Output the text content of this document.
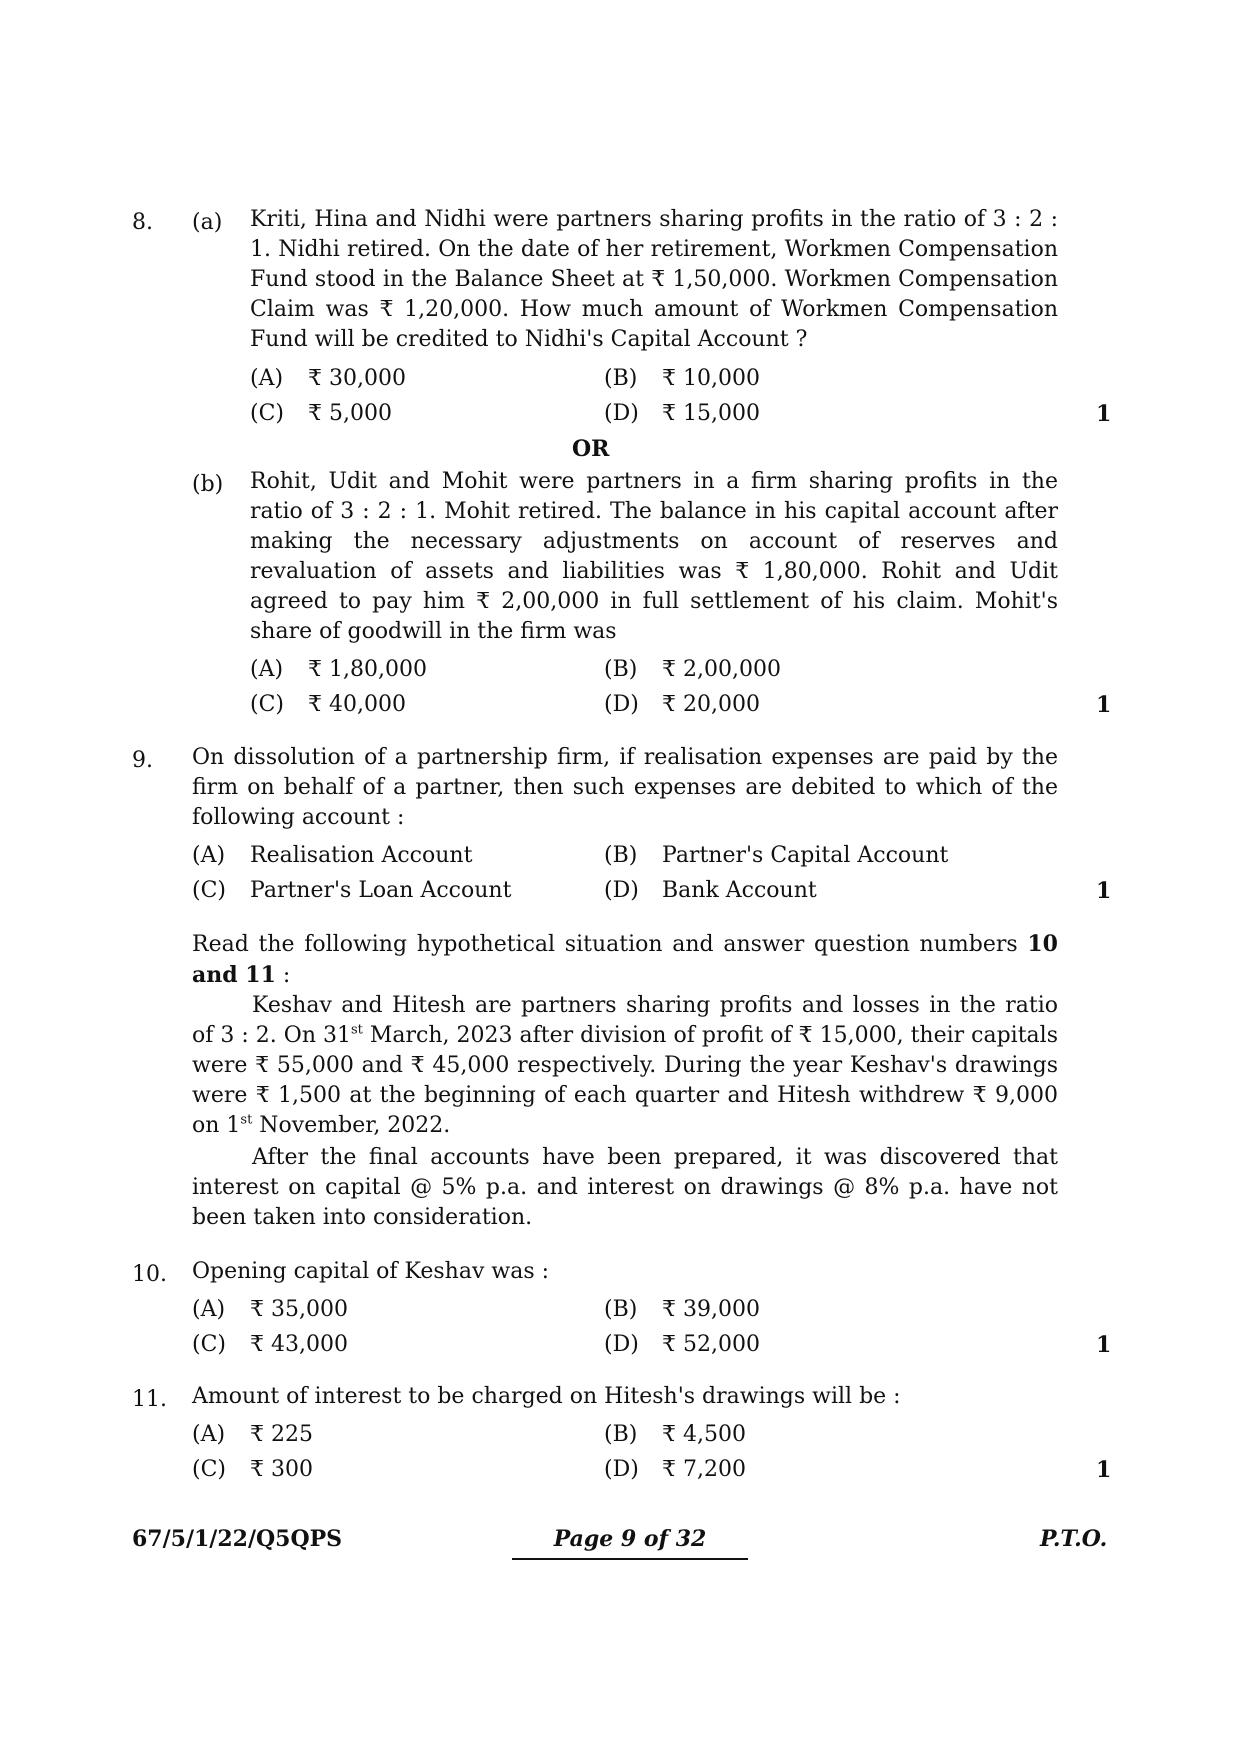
8. (a) Kriti, Hina and Nidhi were partners sharing profits in the ratio of 3 : 2 : 1. Nidhi retired. On the date of her retirement, Workmen Compensation Fund stood in the Balance Sheet at ₹ 1,50,000. Workmen Compensation Claim was ₹ 1,20,000. How much amount of Workmen Compensation Fund will be credited to Nidhi's Capital Account ?

(A)	₹ 30,000	(B)	₹ 10,000
(C)	₹ 5,000	(D)	₹ 15,000	1
OR
(b) Rohit, Udit and Mohit were partners in a firm sharing profits in the ratio of 3 : 2 : 1. Mohit retired. The balance in his capital account after making the necessary adjustments on account of reserves and revaluation of assets and liabilities was ₹ 1,80,000. Rohit and Udit agreed to pay him ₹ 2,00,000 in full settlement of his claim. Mohit's share of goodwill in the firm was

(A)	₹ 1,80,000	(B)	₹ 2,00,000
(C)	₹ 40,000	(D)	₹ 20,000	1
9. On dissolution of a partnership firm, if realisation expenses are paid by the firm on behalf of a partner, then such expenses are debited to which of the following account :

(A)	Realisation Account	(B)	Partner's Capital Account
(C)	Partner's Loan Account	(D)	Bank Account	1

Read the following hypothetical situation and answer question numbers 10 and 11 :

Keshav and Hitesh are partners sharing profits and losses in the ratio of 3 : 2. On 31st March, 2023 after division of profit of ₹ 15,000, their capitals were ₹ 55,000 and ₹ 45,000 respectively. During the year Keshav's drawings were ₹ 1,500 at the beginning of each quarter and Hitesh withdrew ₹ 9,000 on 1st November, 2022.

After the final accounts have been prepared, it was discovered that interest on capital @ 5% p.a. and interest on drawings @ 8% p.a. have not been taken into consideration.

10. Opening capital of Keshav was :

(A)	₹ 35,000	(B)	₹ 39,000
(C)	₹ 43,000	(D)	₹ 52,000	1
11. Amount of interest to be charged on Hitesh's drawings will be :

(A)	₹ 225	(B)	₹ 4,500
(C)	₹ 300	(D)	₹ 7,200	1
67/5/1/22/Q5QPS	Page 9 of 32	P.T.O.
